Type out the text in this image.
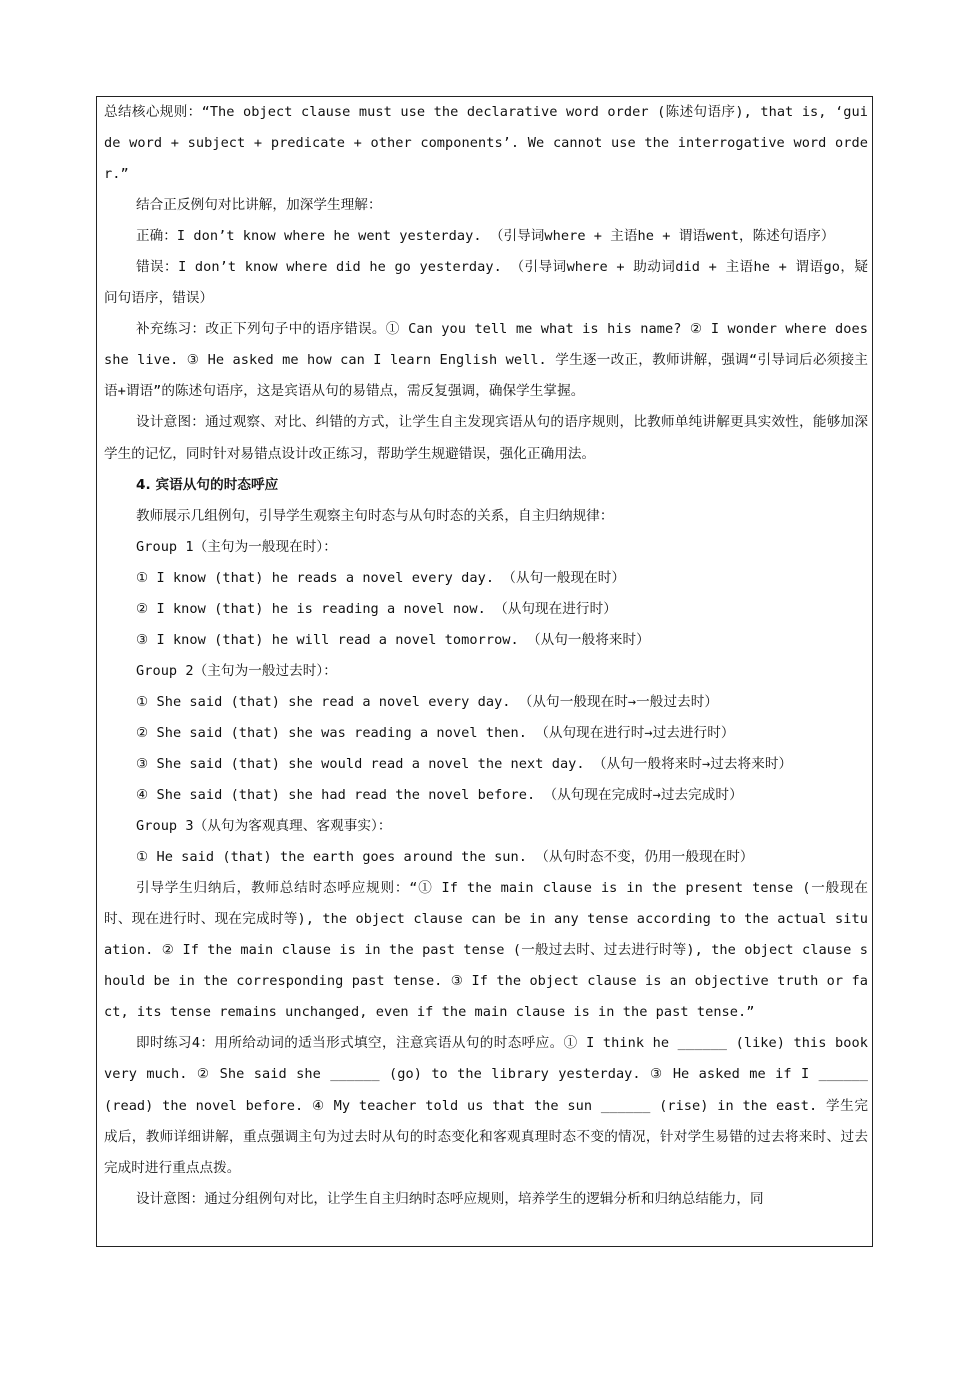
总结核心规则：“The object clause must use the declarative word order (陈述句语序), that is, ‘guide word + subject + predicate + other components’. We cannot use the interrogative word order.”

结合正反例句对比讲解，加深学生理解：

正确：I don’t know where he went yesterday. （引导词where + 主语he + 谓语went，陈述句语序）

错误：I don’t know where did he go yesterday. （引导词where + 助动词did + 主语he + 谓语go，疑问句语序，错误）

补充练习：改正下列句子中的语序错误。① Can you tell me what is his name? ② I wonder where does she live. ③ He asked me how can I learn English well. 学生逐一改正，教师讲解，强调“引导词后必须接主语+谓语”的陈述句语序，这是宾语从句的易错点，需反复强调，确保学生掌握。

设计意图：通过观察、对比、纠错的方式，让学生自主发现宾语从句的语序规则，比教师单纯讲解更具实效性，能够加深学生的记忆，同时针对易错点设计改正练习，帮助学生规避错误，强化正确用法。

4. 宾语从句的时态呼应

教师展示几组例句，引导学生观察主句时态与从句时态的关系，自主归纳规律：

Group 1（主句为一般现在时）：

① I know (that) he reads a novel every day. （从句一般现在时）

② I know (that) he is reading a novel now. （从句现在进行时）

③ I know (that) he will read a novel tomorrow. （从句一般将来时）

Group 2（主句为一般过去时）：

① She said (that) she read a novel every day. （从句一般现在时→一般过去时）

② She said (that) she was reading a novel then. （从句现在进行时→过去进行时）

③ She said (that) she would read a novel the next day. （从句一般将来时→过去将来时）

④ She said (that) she had read the novel before. （从句现在完成时→过去完成时）

Group 3（从句为客观真理、客观事实）：

① He said (that) the earth goes around the sun. （从句时态不变，仍用一般现在时）

引导学生归纳后，教师总结时态呼应规则：“① If the main clause is in the present tense (一般现在时、现在进行时、现在完成时等), the object clause can be in any tense according to the actual situation. ② If the main clause is in the past tense (一般过去时、过去进行时等), the object clause should be in the corresponding past tense. ③ If the object clause is an objective truth or fact, its tense remains unchanged, even if the main clause is in the past tense.”

即时练习4：用所给动词的适当形式填空，注意宾语从句的时态呼应。① I think he ______ (like) this book very much. ② She said she ______ (go) to the library yesterday. ③ He asked me if I ______ (read) the novel before. ④ My teacher told us that the sun ______ (rise) in the east. 学生完成后，教师详细讲解，重点强调主句为过去时从句的时态变化和客观真理时态不变的情况，针对学生易错的过去将来时、过去完成时进行重点点拨。

设计意图：通过分组例句对比，让学生自主归纳时态呼应规则，培养学生的逻辑分析和归纳总结能力，同
